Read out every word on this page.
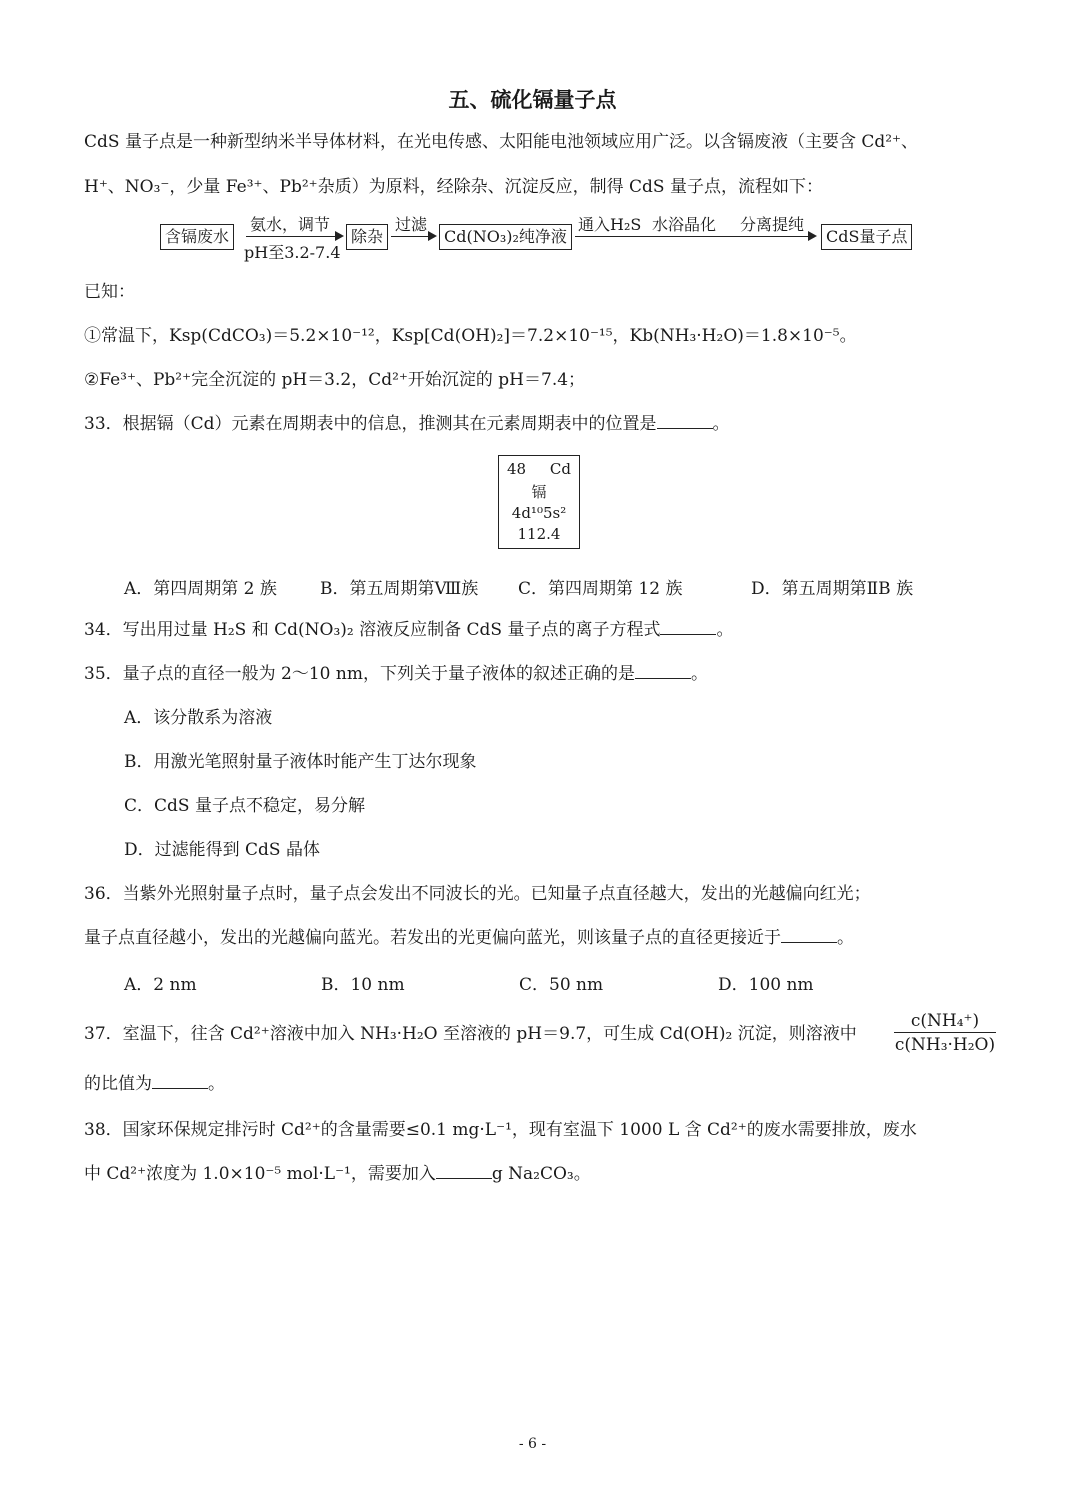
五、硫化镉量子点
CdS 量子点是一种新型纳米半导体材料，在光电传感、太阳能电池领域应用广泛。以含镉废液（主要含 Cd²⁺、
H⁺、NO₃⁻，少量 Fe³⁺、Pb²⁺杂质）为原料，经除杂、沉淀反应，制得 CdS 量子点，流程如下：
含镉废水
氨水，调节
pH至3.2-7.4
除杂
过滤
Cd(NO₃)₂纯净液
通入H₂S 水浴晶化 分离提纯
CdS量子点
已知：
①常温下，Ksp(CdCO₃)＝5.2×10⁻¹²，Ksp[Cd(OH)₂]＝7.2×10⁻¹⁵，Kb(NH₃·H₂O)＝1.8×10⁻⁵。
②Fe³⁺、Pb²⁺完全沉淀的 pH＝3.2，Cd²⁺开始沉淀的 pH＝7.4；
33．根据镉（Cd）元素在周期表中的信息，推测其在元素周期表中的位置是	。
48	Cd
镉
4d¹⁰5s²
112.4
A．第四周期第 2 族	B．第五周期第Ⅷ族 C．第四周期第 12 族	D．第五周期第ⅡB 族
34．写出用过量 H₂S 和 Cd(NO₃)₂ 溶液反应制备 CdS 量子点的离子方程式	。
35．量子点的直径一般为 2～10 nm，下列关于量子液体的叙述正确的是	。
A．该分散系为溶液
B．用激光笔照射量子液体时能产生丁达尔现象
C．CdS 量子点不稳定，易分解
D．过滤能得到 CdS 晶体
36．当紫外光照射量子点时，量子点会发出不同波长的光。已知量子点直径越大，发出的光越偏向红光；
量子点直径越小，发出的光越偏向蓝光。若发出的光更偏向蓝光，则该量子点的直径更接近于	。
A．2 nm	B．10 nm	C．50 nm	D．100 nm
37．室温下，往含 Cd²⁺溶液中加入 NH₃·H₂O 至溶液的 pH＝9.7，可生成 Cd(OH)₂ 沉淀，则溶液中 $\frac{\text{c(NH₄⁺)}}{\text{c(NH₃·H₂O)}}$
的比值为	。
38．国家环保规定排污时 Cd²⁺的含量需要≤0.1 mg·L⁻¹，现有室温下 1000 L 含 Cd²⁺的废水需要排放，废水
中 Cd²⁺浓度为 1.0×10⁻⁵ mol·L⁻¹，需要加入	g Na₂CO₃。
- 6 -
